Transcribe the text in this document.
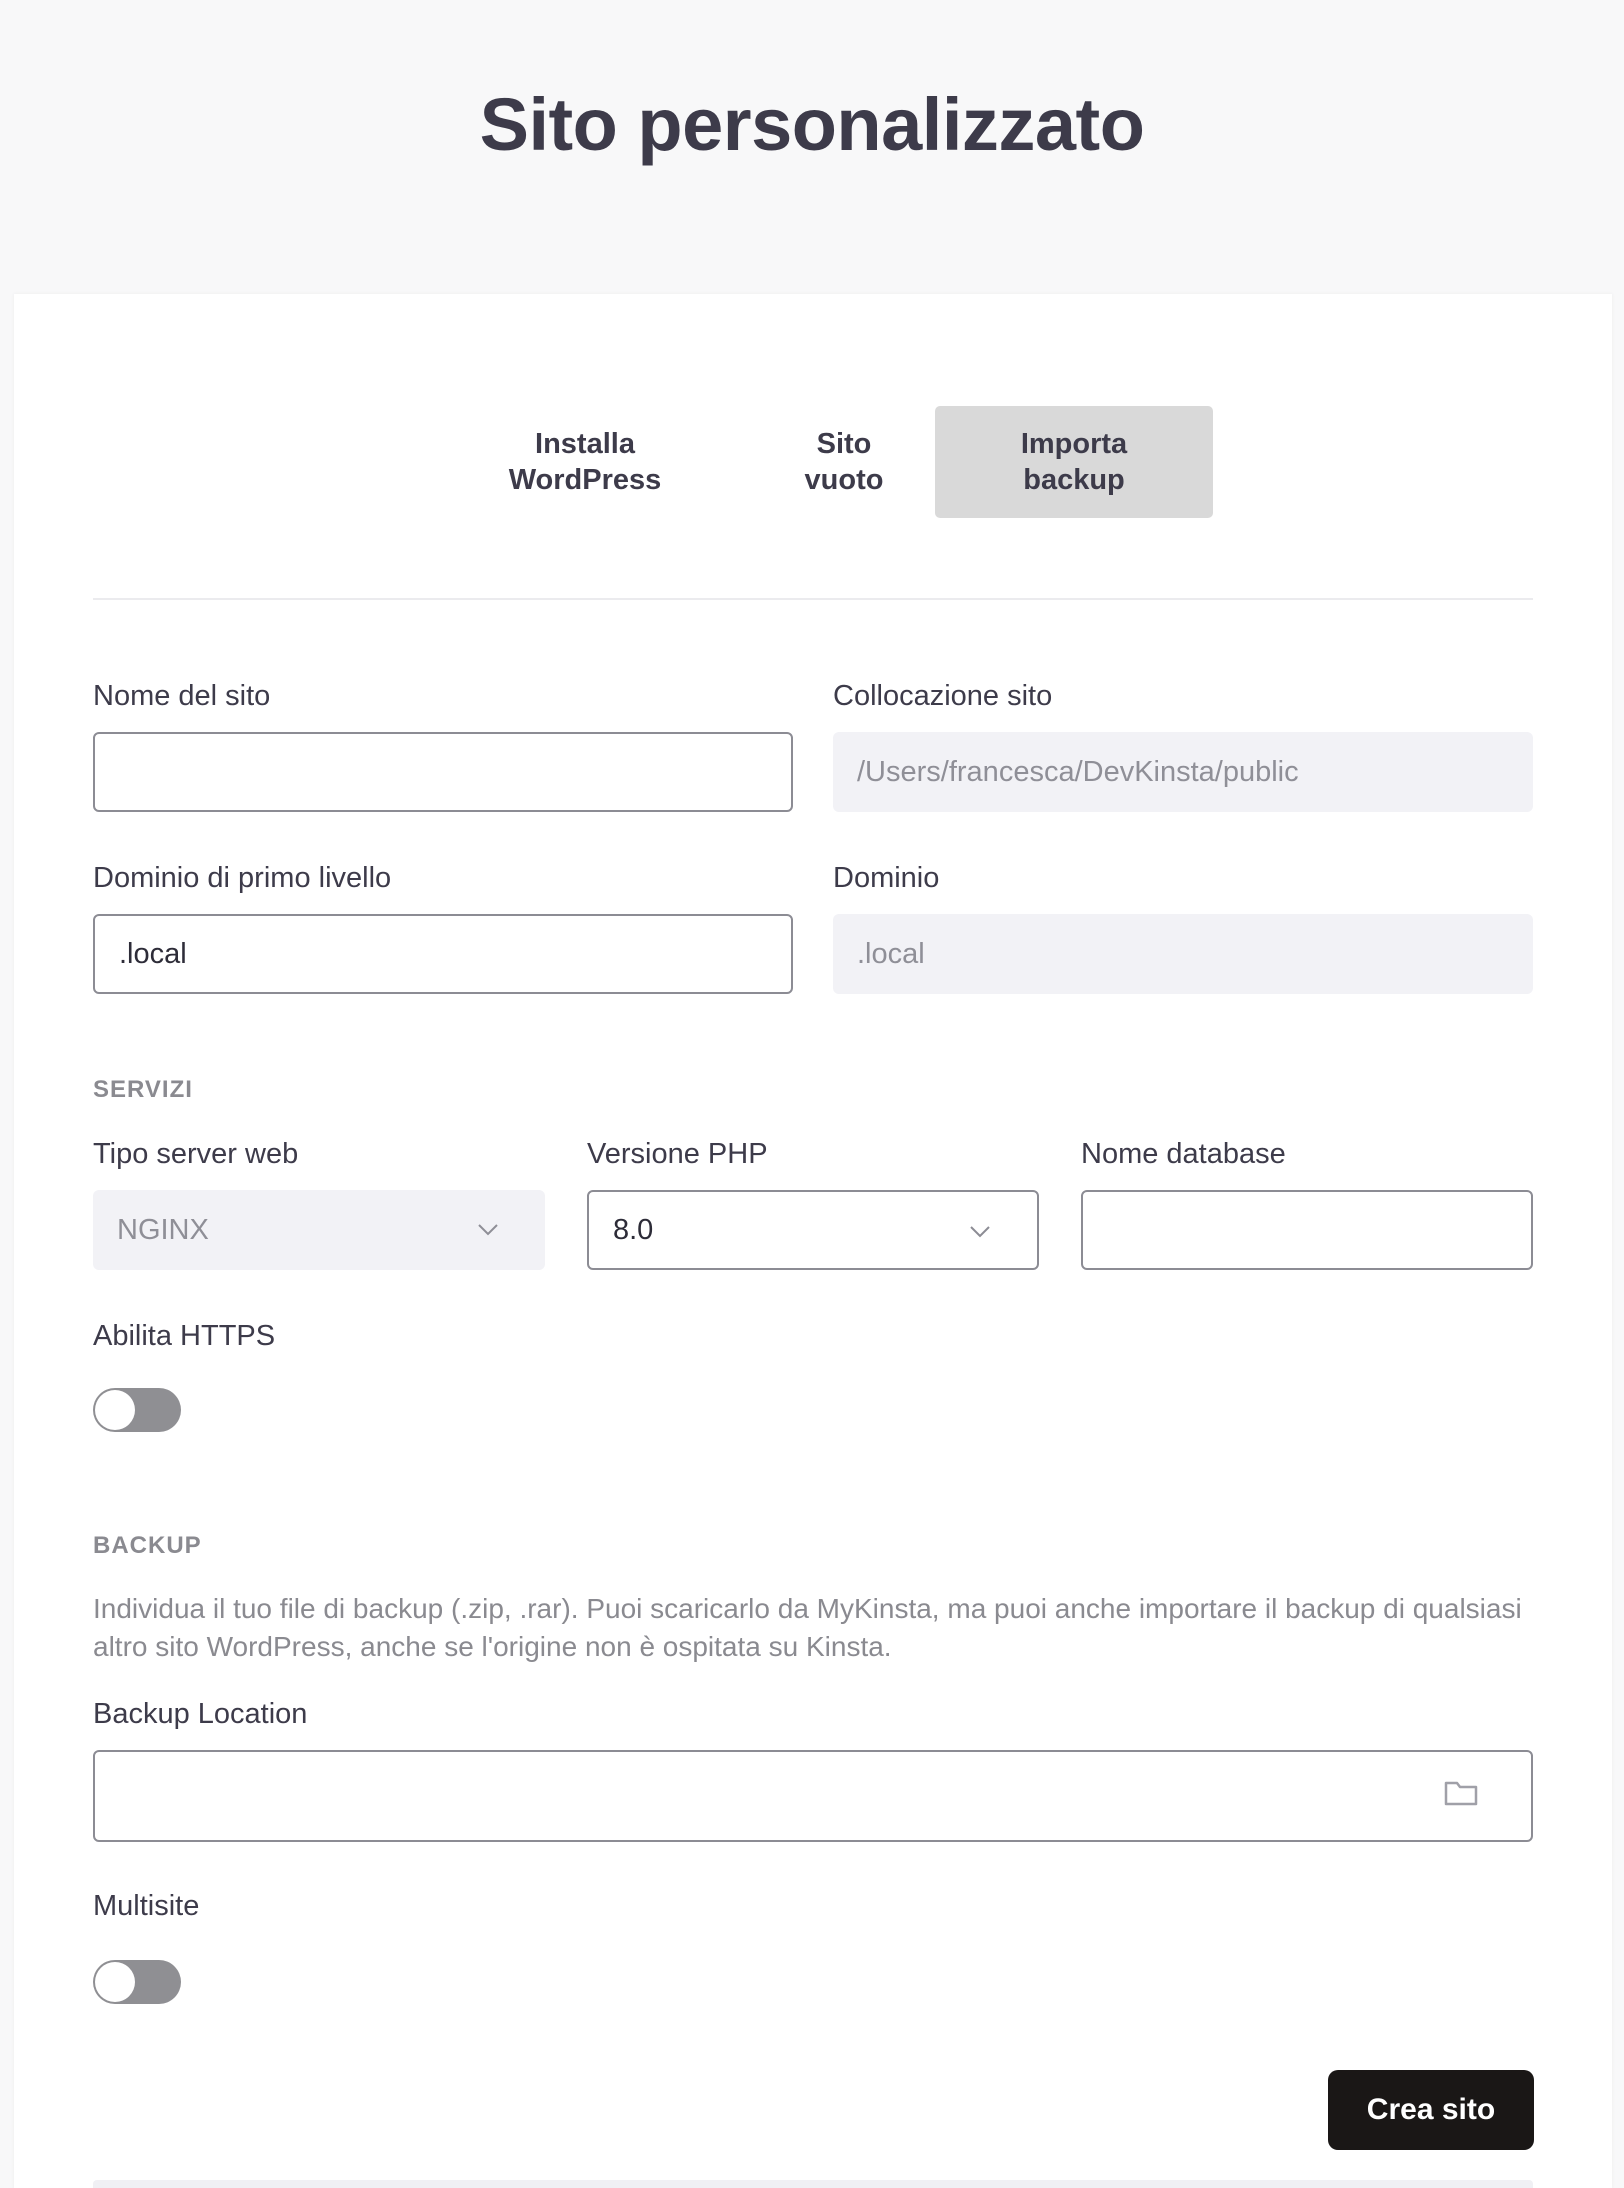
Sito personalizzato
Installa
WordPress
Sito
vuoto
Importa
backup
Nome del sito	Collocazione sito
/Users/francesca/DevKinsta/public
Dominio di primo livello
.local	Dominio
.local
SERVIZI
Tipo server web
NGINX
Versione PHP
8.0
Nome database
Abilita HTTPS
BACKUP
Individua il tuo file di backup (.zip, .rar). Puoi scaricarlo da MyKinsta, ma puoi anche importare il backup di qualsiasi altro sito WordPress, anche se l'origine non è ospitata su Kinsta.
Backup Location
Multisite
Crea sito
